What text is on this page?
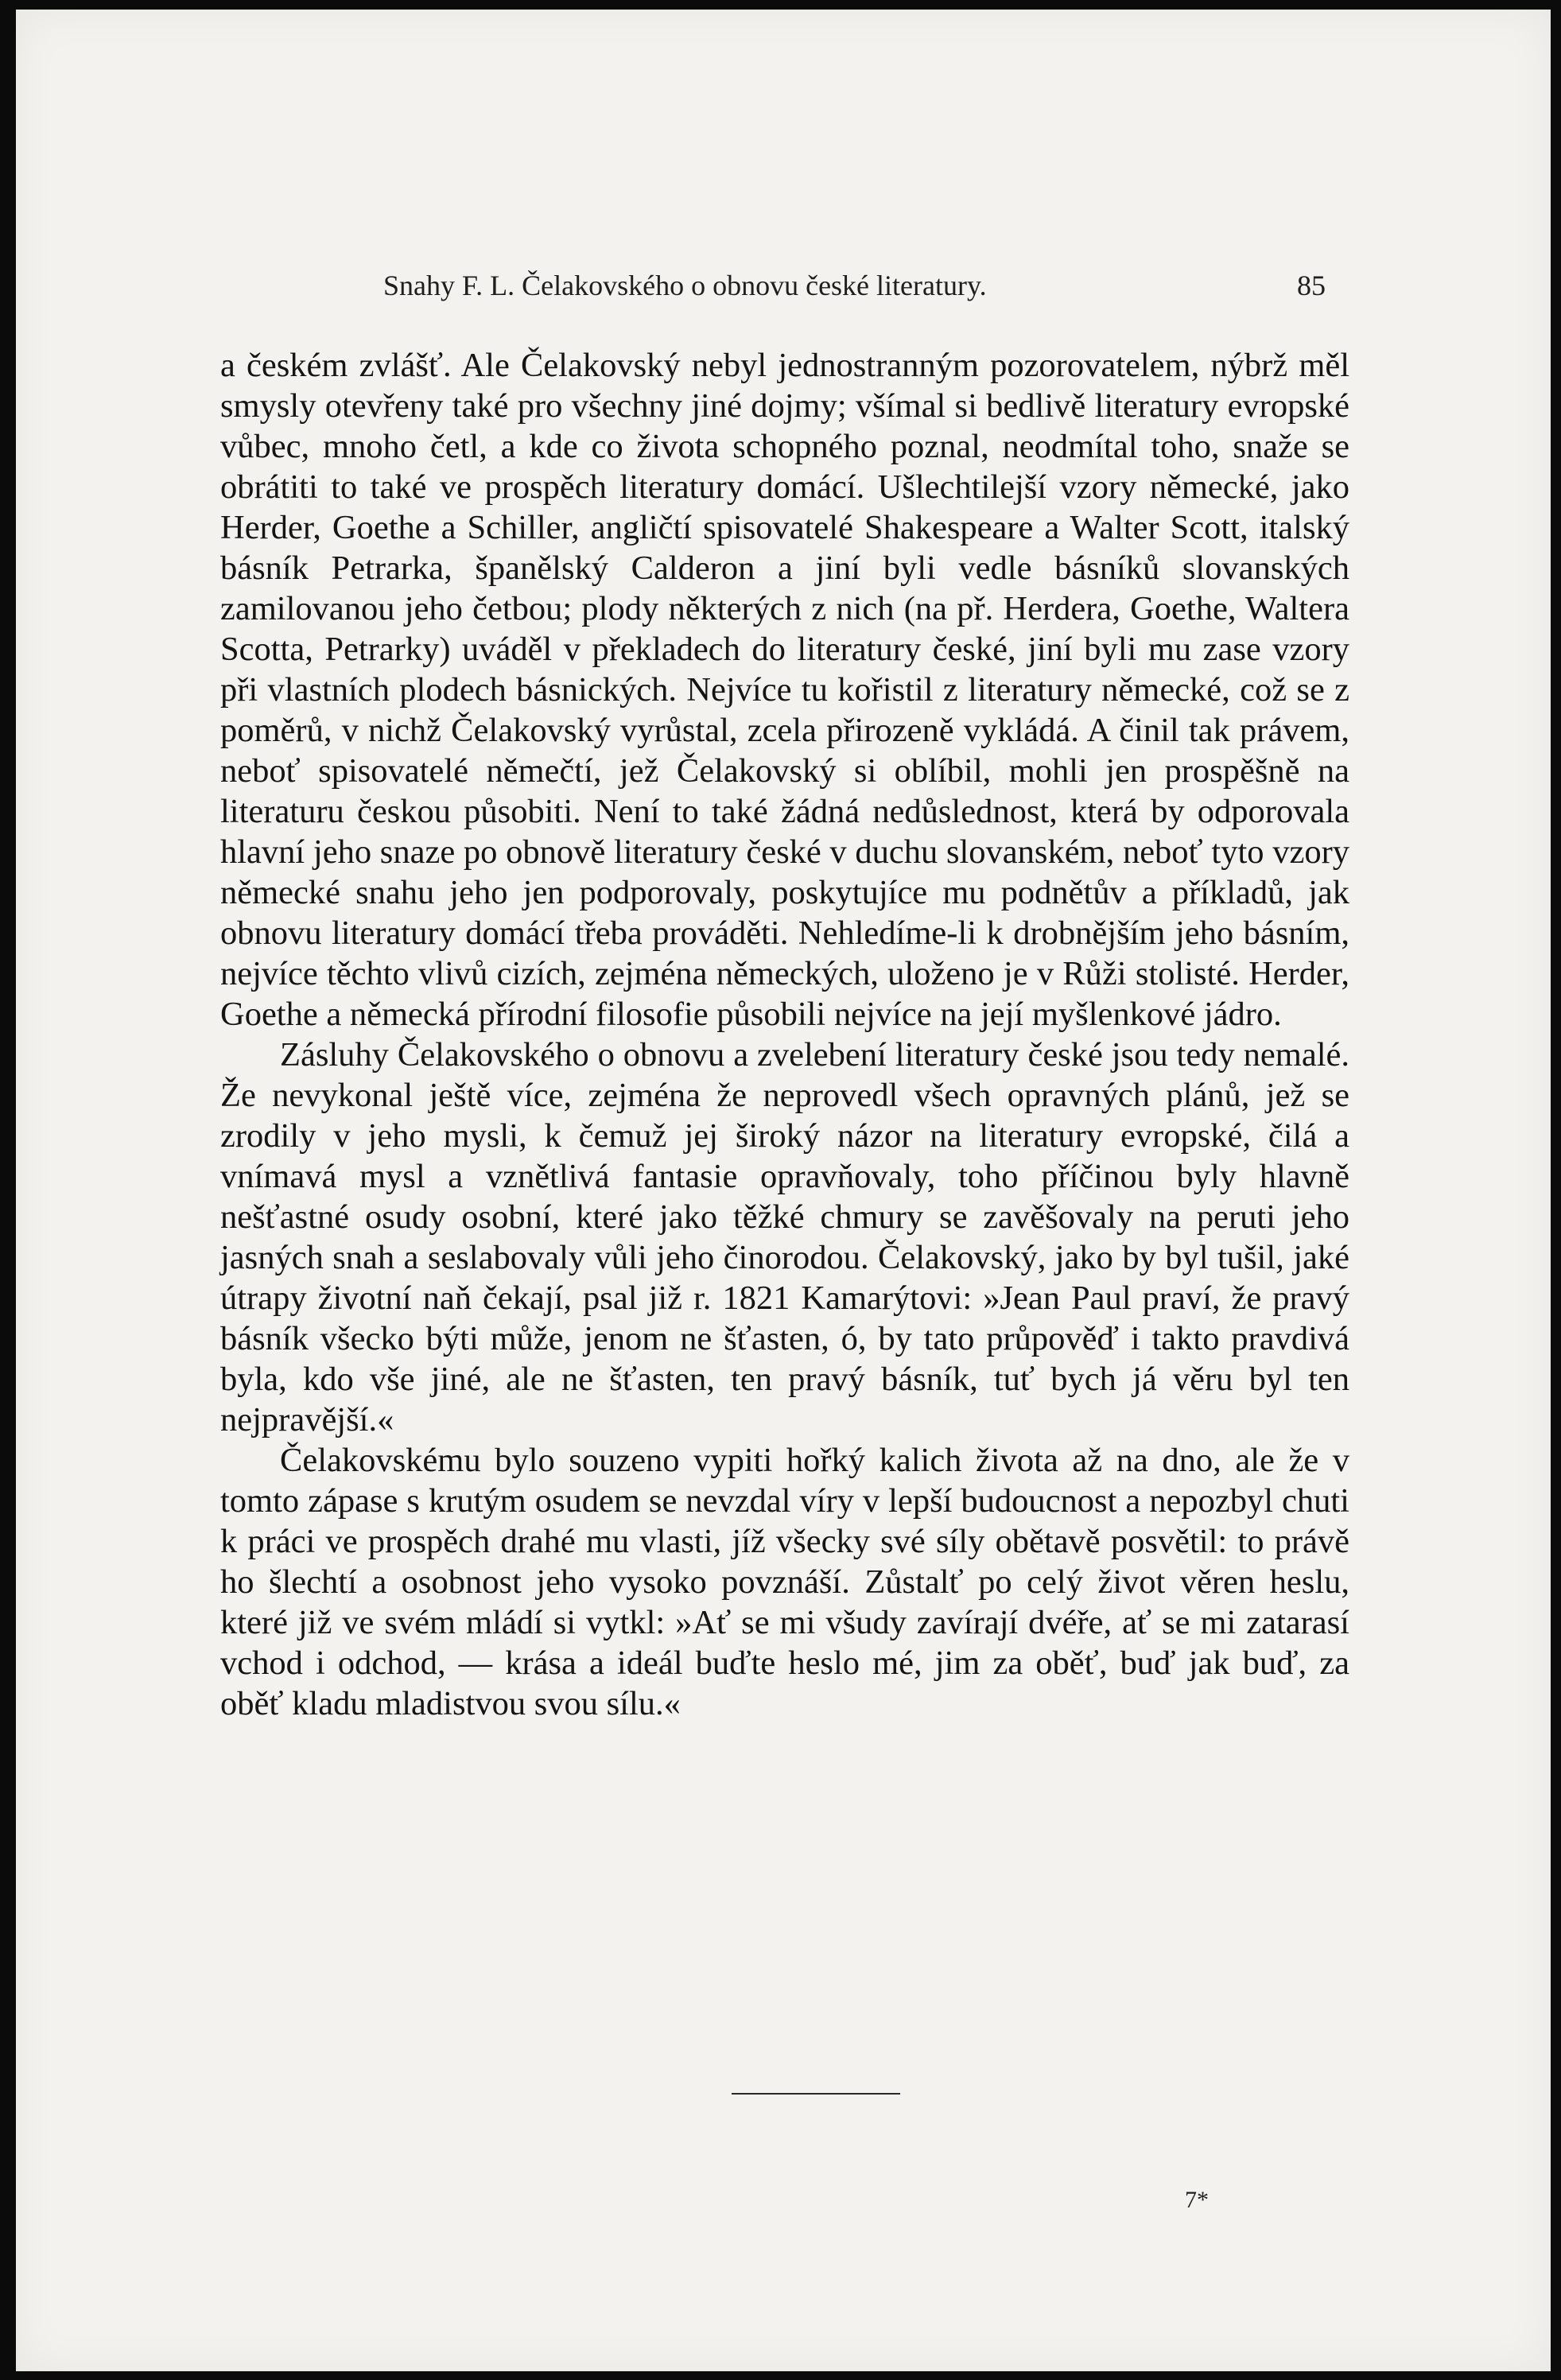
Snahy F. L. Čelakovského o obnovu české literatury.	85

a českém zvlášť. Ale Čelakovský nebyl jednostranným pozorovatelem, nýbrž měl smysly otevřeny také pro všechny jiné dojmy; všímal si bedlivě literatury evropské vůbec, mnoho četl, a kde co života schopného poznal, neodmítal toho, snaže se obrátiti to také ve prospěch literatury domácí. Ušlechtilejší vzory německé, jako Herder, Goethe a Schiller, angličtí spisovatelé Shakespeare a Walter Scott, italský básník Petrarka, španělský Calderon a jiní byli vedle básníků slovanských zamilovanou jeho četbou; plody některých z nich (na př. Herdera, Goethe, Waltera Scotta, Petrarky) uváděl v překladech do literatury české, jiní byli mu zase vzory při vlastních plodech básnických. Nejvíce tu kořistil z literatury německé, což se z poměrů, v nichž Čelakovský vyrůstal, zcela přirozeně vykládá. A činil tak právem, neboť spisovatelé němečtí, jež Čelakovský si oblíbil, mohli jen prospěšně na literaturu českou působiti. Není to také žádná nedůslednost, která by odporovala hlavní jeho snaze po obnově literatury české v duchu slovanském, neboť tyto vzory německé snahu jeho jen podporovaly, poskytujíce mu podnětův a příkladů, jak obnovu literatury domácí třeba prováděti. Nehledíme-li k drobnějším jeho básním, nejvíce těchto vlivů cizích, zejména německých, uloženo je v Růži stolisté. Herder, Goethe a německá přírodní filosofie působili nejvíce na její myšlenkové jádro.

Zásluhy Čelakovského o obnovu a zvelebení literatury české jsou tedy nemalé. Že nevykonal ještě více, zejména že neprovedl všech opravných plánů, jež se zrodily v jeho mysli, k čemuž jej široký názor na literatury evropské, čilá a vnímavá mysl a vznětlivá fantasie opravňovaly, toho příčinou byly hlavně nešťastné osudy osobní, které jako těžké chmury se zavěšovaly na peruti jeho jasných snah a seslabovaly vůli jeho činorodou. Čelakovský, jako by byl tušil, jaké útrapy životní naň čekají, psal již r. 1821 Kamarýtovi: »Jean Paul praví, že pravý básník všecko býti může, jenom ne šťasten, ó, by tato průpověď i takto pravdivá byla, kdo vše jiné, ale ne šťasten, ten pravý básník, tuť bych já věru byl ten nejpravější.«

Čelakovskému bylo souzeno vypiti hořký kalich života až na dno, ale že v tomto zápase s krutým osudem se nevzdal víry v lepší budoucnost a nepozbyl chuti k práci ve prospěch drahé mu vlasti, jíž všecky své síly obětavě posvětil: to právě ho šlechtí a osobnost jeho vysoko povznáší. Zůstalť po celý život věren heslu, které již ve svém mládí si vytkl: »Ať se mi všudy zavírají dvéře, ať se mi zatarasí vchod i odchod, –– krása a ideál buďte heslo mé, jim za oběť, buď jak buď, za oběť kladu mladistvou svou sílu.«

7*
